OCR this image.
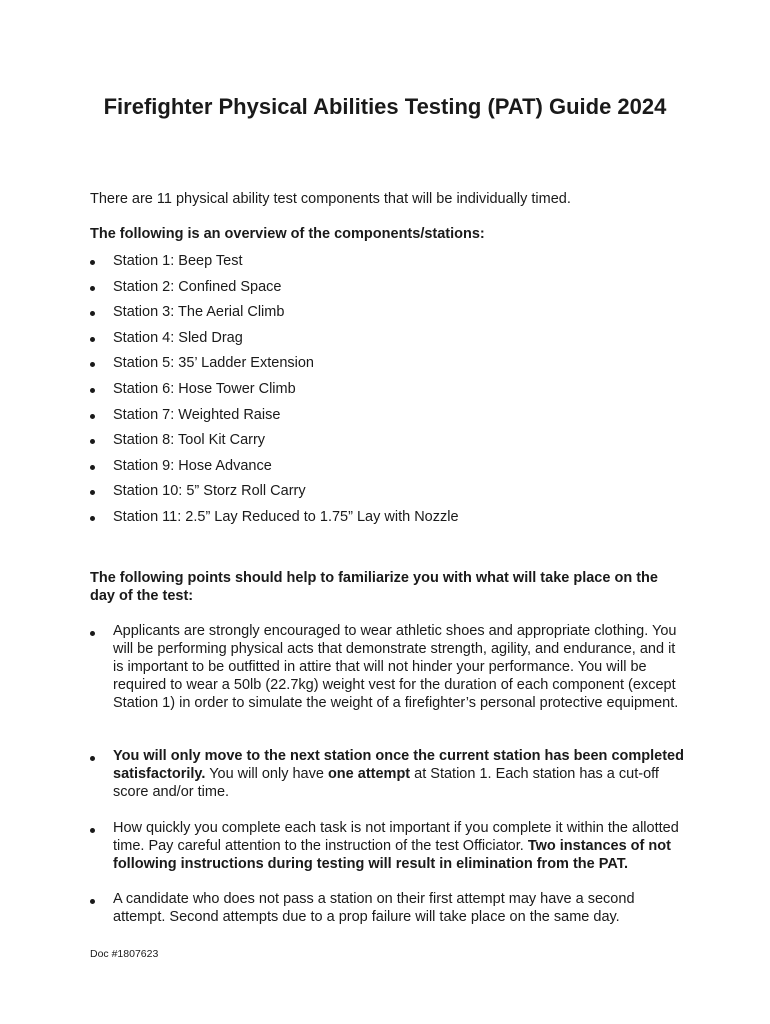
Firefighter Physical Abilities Testing (PAT) Guide 2024

There are 11 physical ability test components that will be individually timed.

The following is an overview of the components/stations:

Station 1: Beep Test
Station 2: Confined Space
Station 3: The Aerial Climb
Station 4: Sled Drag
Station 5: 35’ Ladder Extension
Station 6: Hose Tower Climb
Station 7: Weighted Raise
Station 8: Tool Kit Carry
Station 9: Hose Advance
Station 10: 5” Storz Roll Carry
Station 11: 2.5” Lay Reduced to 1.75” Lay with Nozzle

The following points should help to familiarize you with what will take place on the day of the test:

Applicants are strongly encouraged to wear athletic shoes and appropriate clothing. You will be performing physical acts that demonstrate strength, agility, and endurance, and it is important to be outfitted in attire that will not hinder your performance. You will be required to wear a 50lb (22.7kg) weight vest for the duration of each component (except Station 1) in order to simulate the weight of a firefighter’s personal protective equipment.
You will only move to the next station once the current station has been completed satisfactorily. You will only have one attempt at Station 1. Each station has a cut-off score and/or time.
How quickly you complete each task is not important if you complete it within the allotted time. Pay careful attention to the instruction of the test Officiator. Two instances of not following instructions during testing will result in elimination from the PAT.
A candidate who does not pass a station on their first attempt may have a second attempt. Second attempts due to a prop failure will take place on the same day.

Doc #1807623
